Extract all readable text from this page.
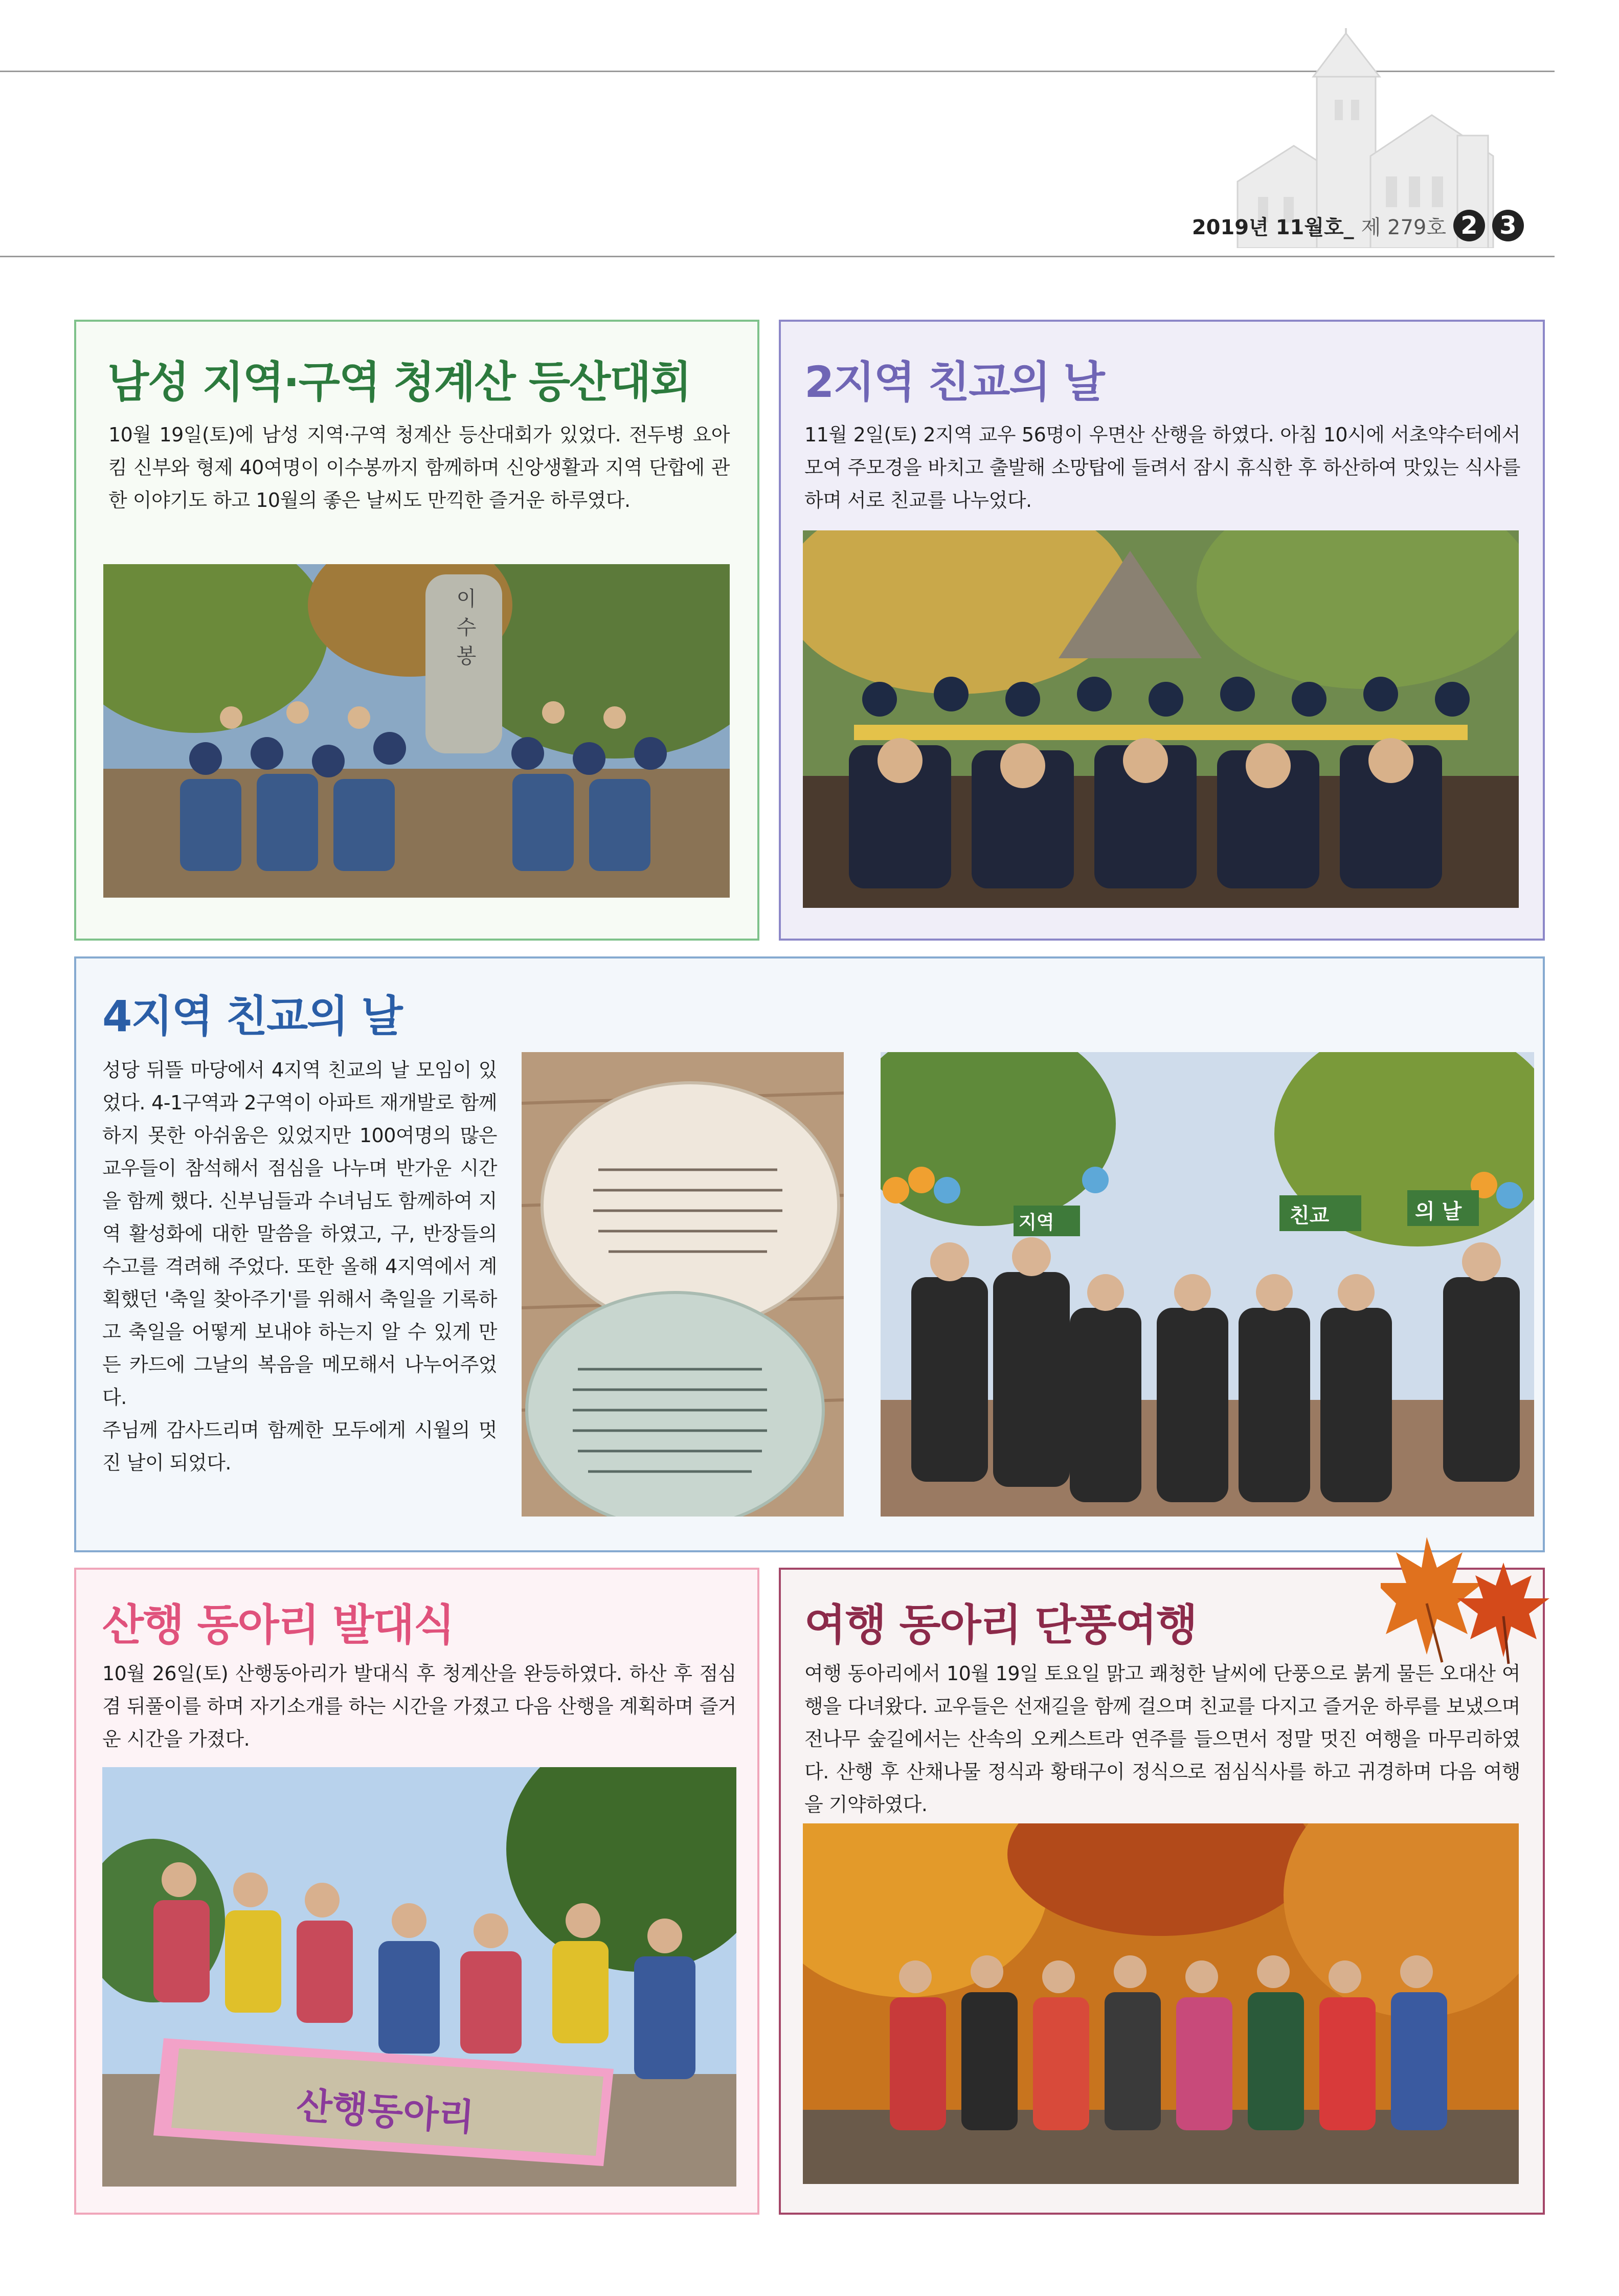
2019년 11월호_ 제 279호 2 3
남성 지역·구역 청계산 등산대회
10월 19일(토)에 남성 지역·구역 청계산 등산대회가 있었다. 전두병 요아킴 신부와 형제 40여명이 이수봉까지 함께하며 신앙생활과 지역 단합에 관한 이야기도 하고 10월의 좋은 날씨도 만끽한 즐거운 하루였다.
이 수 봉
2지역 친교의 날
11월 2일(토) 2지역 교우 56명이 우면산 산행을 하였다. 아침 10시에 서초약수터에서 모여 주모경을 바치고 출발해 소망탑에 들려서 잠시 휴식한 후 하산하여 맛있는 식사를 하며 서로 친교를 나누었다.
4지역 친교의 날
성당 뒤뜰 마당에서 4지역 친교의 날 모임이 있었다. 4-1구역과 2구역이 아파트 재개발로 함께하지 못한 아쉬움은 있었지만 100여명의 많은 교우들이 참석해서 점심을 나누며 반가운 시간을 함께 했다. 신부님들과 수녀님도 함께하여 지역 활성화에 대한 말씀을 하였고, 구, 반장들의 수고를 격려해 주었다. 또한 올해 4지역에서 계획했던 '축일 찾아주기'를 위해서 축일을 기록하고 축일을 어떻게 보내야 하는지 알 수 있게 만든 카드에 그날의 복음을 메모해서 나누어주었다.
주님께 감사드리며 함께한 모두에게 시월의 멋진 날이 되었다.
지역	친교	의 날
산행 동아리 발대식
10월 26일(토) 산행동아리가 발대식 후 청계산을 완등하였다. 하산 후 점심 겸 뒤풀이를 하며 자기소개를 하는 시간을 가졌고 다음 산행을 계획하며 즐거운 시간을 가졌다.
산행동아리
여행 동아리 단풍여행
여행 동아리에서 10월 19일 토요일 맑고 쾌청한 날씨에 단풍으로 붉게 물든 오대산 여행을 다녀왔다. 교우들은 선재길을 함께 걸으며 친교를 다지고 즐거운 하루를 보냈으며 전나무 숲길에서는 산속의 오케스트라 연주를 들으면서 정말 멋진 여행을 마무리하였다. 산행 후 산채나물 정식과 황태구이 정식으로 점심식사를 하고 귀경하며 다음 여행을 기약하였다.
